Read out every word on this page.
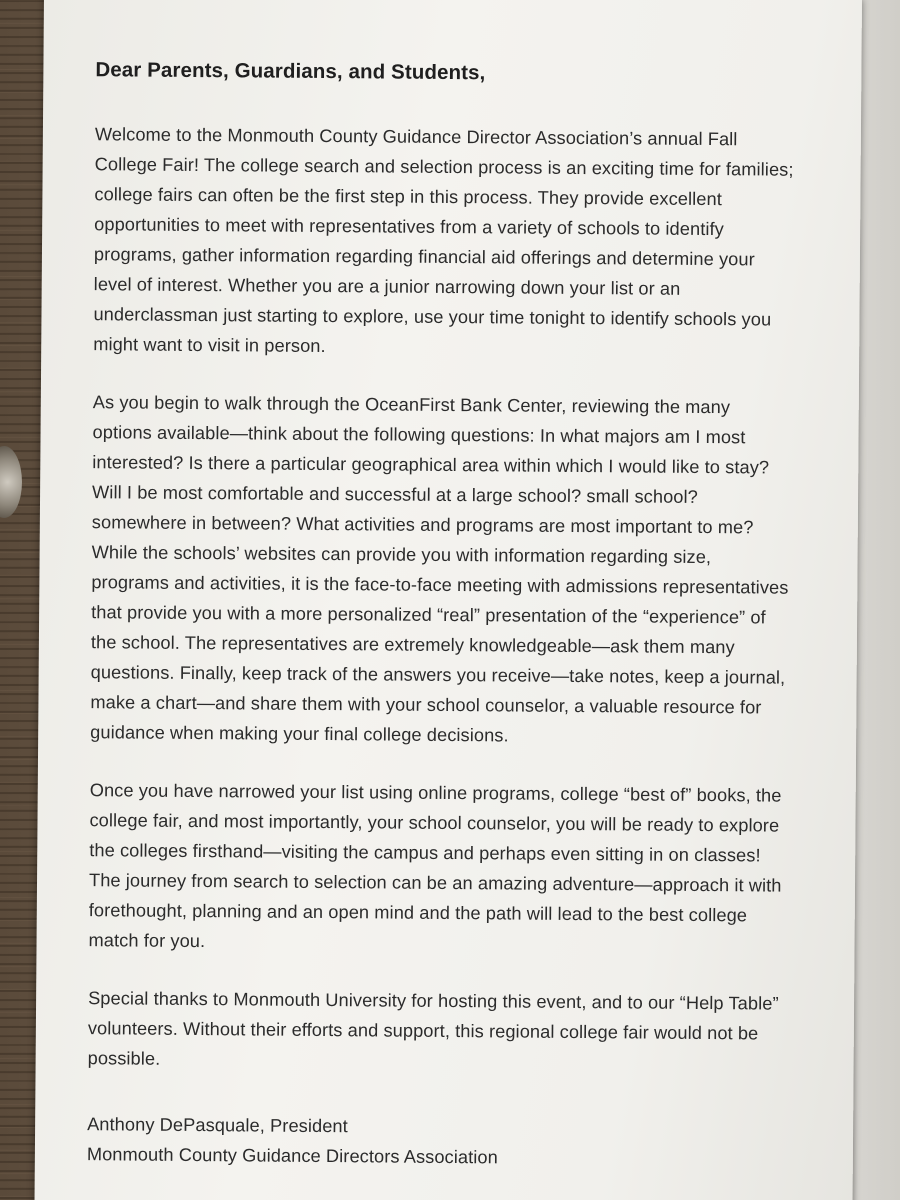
Dear Parents, Guardians, and Students,

Welcome to the Monmouth County Guidance Director Association’s annual Fall College Fair! The college search and selection process is an exciting time for families; college fairs can often be the first step in this process. They provide excellent opportunities to meet with representatives from a variety of schools to identify programs, gather information regarding financial aid offerings and determine your level of interest. Whether you are a junior narrowing down your list or an underclassman just starting to explore, use your time tonight to identify schools you might want to visit in person.

As you begin to walk through the OceanFirst Bank Center, reviewing the many options available—think about the following questions: In what majors am I most interested? Is there a particular geographical area within which I would like to stay? Will I be most comfortable and successful at a large school? small school? somewhere in between? What activities and programs are most important to me? While the schools’ websites can provide you with information regarding size, programs and activities, it is the face-to-face meeting with admissions representatives that provide you with a more personalized “real” presentation of the “experience” of the school. The representatives are extremely knowledgeable—ask them many questions. Finally, keep track of the answers you receive—take notes, keep a journal, make a chart—and share them with your school counselor, a valuable resource for guidance when making your final college decisions.

Once you have narrowed your list using online programs, college “best of” books, the college fair, and most importantly, your school counselor, you will be ready to explore the colleges firsthand—visiting the campus and perhaps even sitting in on classes! The journey from search to selection can be an amazing adventure—approach it with forethought, planning and an open mind and the path will lead to the best college match for you.

Special thanks to Monmouth University for hosting this event, and to our “Help Table” volunteers. Without their efforts and support, this regional college fair would not be possible.

Anthony DePasquale, President
Monmouth County Guidance Directors Association
